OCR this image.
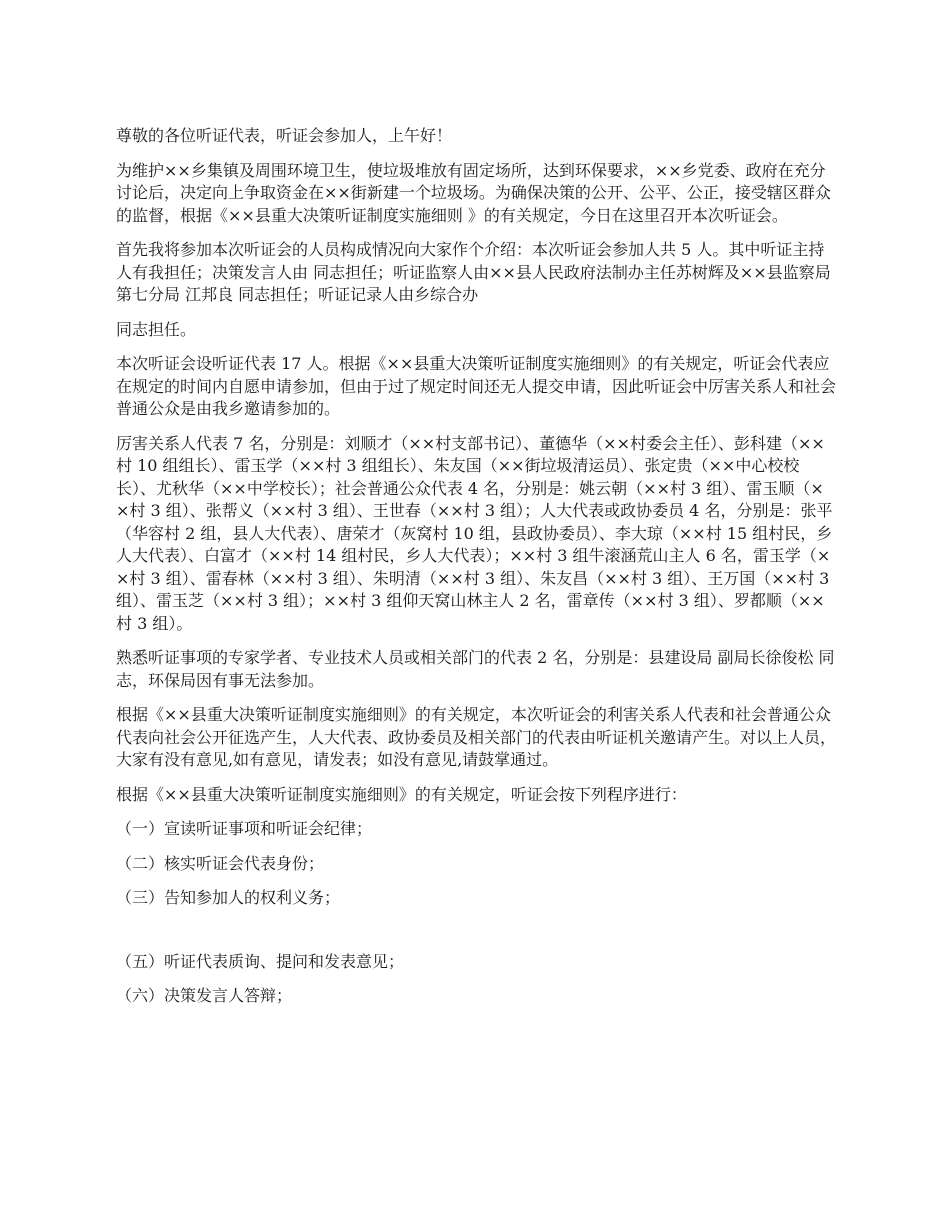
尊敬的各位听证代表，听证会参加人，上午好！

为维护××乡集镇及周围环境卫生，使垃圾堆放有固定场所，达到环保要求，××乡党委、政府在充分讨论后，决定向上争取资金在××街新建一个垃圾场。为确保决策的公开、公平、公正，接受辖区群众的监督，根据《××县重大决策听证制度实施细则 》的有关规定，今日在这里召开本次听证会。

首先我将参加本次听证会的人员构成情况向大家作个介绍：本次听证会参加人共 5 人。其中听证主持人有我担任；决策发言人由 同志担任；听证监察人由××县人民政府法制办主任苏树辉及××县监察局第七分局 江邦良 同志担任；听证记录人由乡综合办

同志担任。

本次听证会设听证代表 17 人。根据《××县重大决策听证制度实施细则》的有关规定，听证会代表应在规定的时间内自愿申请参加，但由于过了规定时间还无人提交申请，因此听证会中厉害关系人和社会普通公众是由我乡邀请参加的。

厉害关系人代表 7 名，分别是：刘顺才（××村支部书记）、董德华（××村委会主任）、彭科建（××村 10 组组长）、雷玉学（××村 3 组组长）、朱友国（××街垃圾清运员）、张定贵（××中心校校长）、尤秋华（××中学校长）；社会普通公众代表 4 名，分别是：姚云朝（××村 3 组）、雷玉顺（××村 3 组）、张帮义（××村 3 组）、王世春（××村 3 组）；人大代表或政协委员 4 名，分别是：张平（华容村 2 组，县人大代表）、唐荣才（灰窝村 10 组，县政协委员）、李大琼（××村 15 组村民，乡人大代表）、白富才（××村 14 组村民，乡人大代表）；××村 3 组牛滚涵荒山主人 6 名，雷玉学（××村 3 组）、雷春林（××村 3 组）、朱明清（××村 3 组）、朱友昌（××村 3 组）、王万国（××村 3 组）、雷玉芝（××村 3 组）；××村 3 组仰天窝山林主人 2 名，雷章传（××村 3 组）、罗都顺（××村 3 组）。

熟悉听证事项的专家学者、专业技术人员或相关部门的代表 2 名，分别是：县建设局 副局长徐俊松 同志，环保局因有事无法参加。

根据《××县重大决策听证制度实施细则》的有关规定，本次听证会的利害关系人代表和社会普通公众代表向社会公开征选产生，人大代表、政协委员及相关部门的代表由听证机关邀请产生。对以上人员，大家有没有意见,如有意见，请发表；如没有意见,请鼓掌通过。

根据《××县重大决策听证制度实施细则》的有关规定，听证会按下列程序进行：

（一）宣读听证事项和听证会纪律；

（二）核实听证会代表身份；

（三）告知参加人的权利义务；

（五）听证代表质询、提问和发表意见；

（六）决策发言人答辩；
